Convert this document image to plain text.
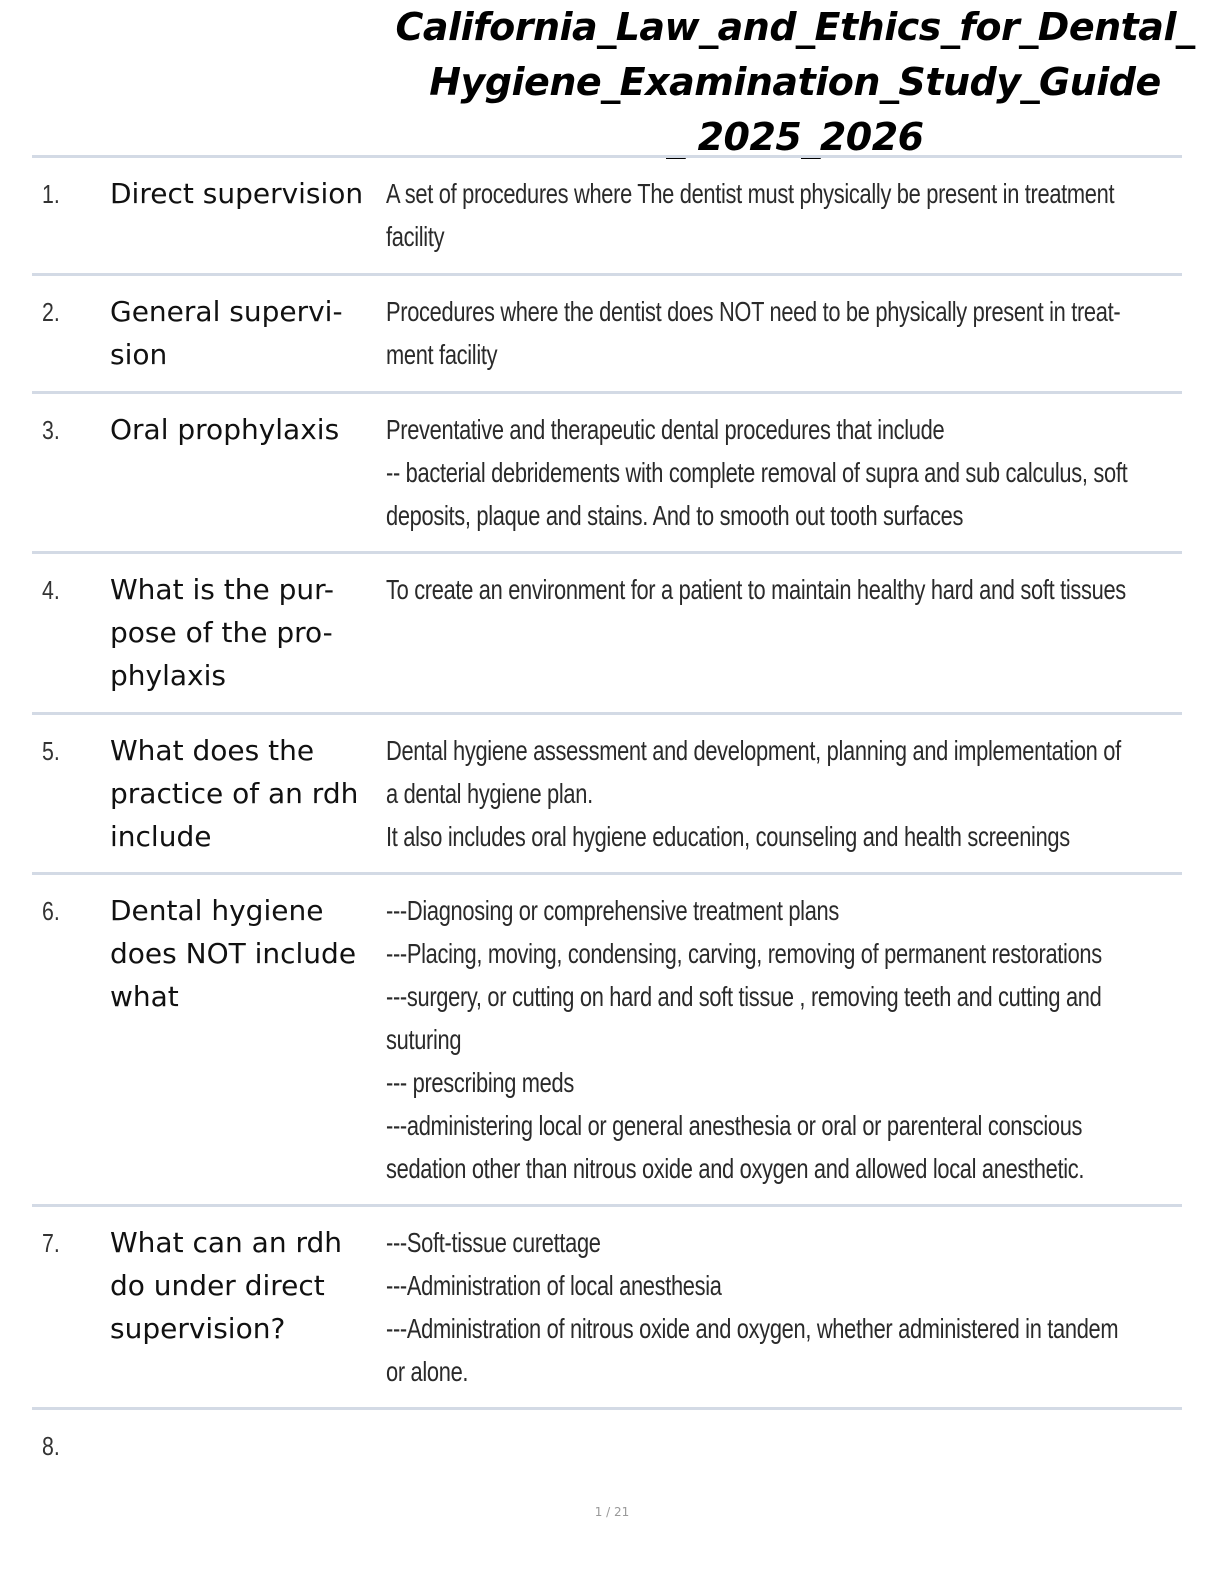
California_Law_and_Ethics_for_Dental_
Hygiene_Examination_Study_Guide
_ 2025_2026
1. Direct supervision A set of procedures where The dentist must physically be present in treatment
facility
2. General supervi-
sion
Procedures where the dentist does NOT need to be physically present in treat-
ment facility
3. Oral prophylaxis	Preventative and therapeutic dental procedures that include
-- bacterial debridements with complete removal of supra and sub calculus, soft
deposits, plaque and stains. And to smooth out tooth surfaces
4. What is the pur-
pose of the pro-
phylaxis
To create an environment for a patient to maintain healthy hard and soft tissues
5. What does the
practice of an rdh
include
Dental hygiene assessment and development, planning and implementation of
a dental hygiene plan.
It also includes oral hygiene education, counseling and health screenings
6. Dental hygiene
does NOT include
what
---Diagnosing or comprehensive treatment plans
---Placing, moving, condensing, carving, removing of permanent restorations
---surgery, or cutting on hard and soft tissue , removing teeth and cutting and
suturing
--- prescribing meds
---administering local or general anesthesia or oral or parenteral conscious
sedation other than nitrous oxide and oxygen and allowed local anesthetic.
7. What can an rdh
do under direct
supervision?
---Soft-tissue curettage
---Administration of local anesthesia
---Administration of nitrous oxide and oxygen, whether administered in tandem
or alone.
8.
1 / 21
